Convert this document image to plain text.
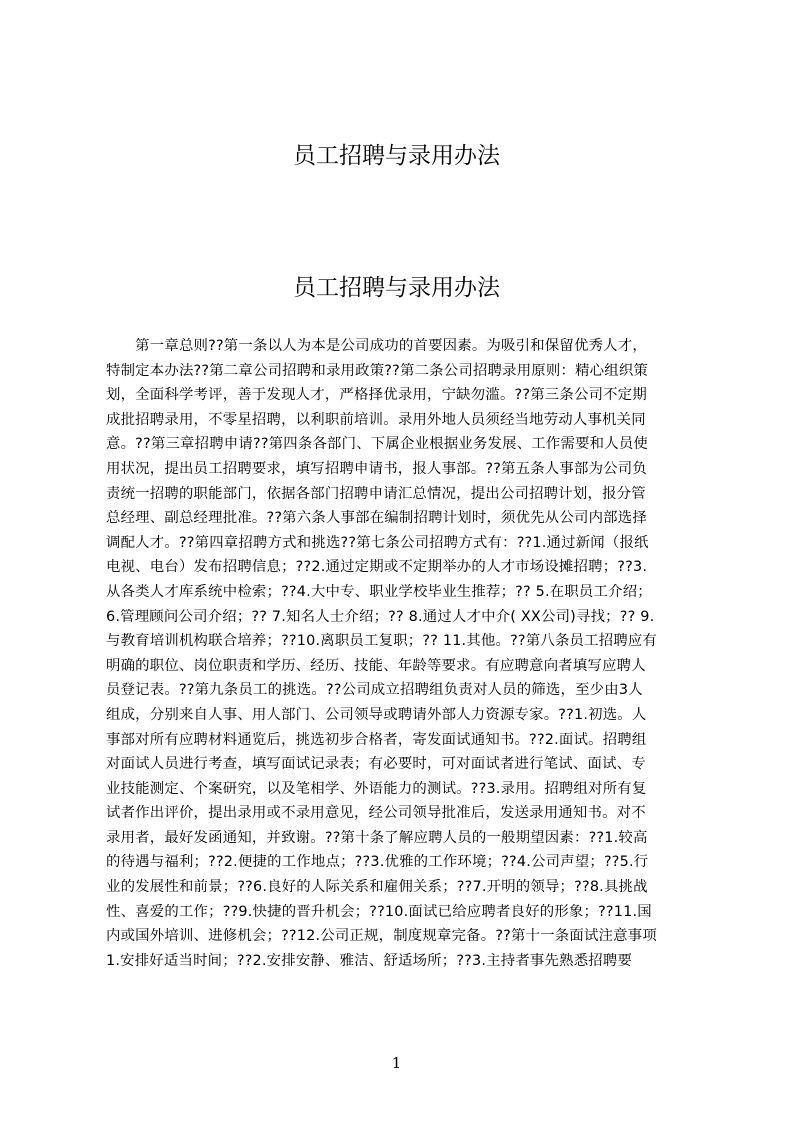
员工招聘与录用办法
员工招聘与录用办法
　　第一章总则??第一条以人为本是公司成功的首要因素。为吸引和保留优秀人才，
特制定本办法??第二章公司招聘和录用政策??第二条公司招聘录用原则：精心组织策
划，全面科学考评，善于发现人才，严格择优录用，宁缺勿滥。??第三条公司不定期
成批招聘录用，不零星招聘，以利职前培训。录用外地人员须经当地劳动人事机关同
意。??第三章招聘申请??第四条各部门、下属企业根据业务发展、工作需要和人员使
用状况，提出员工招聘要求，填写招聘申请书，报人事部。??第五条人事部为公司负
责统一招聘的职能部门，依据各部门招聘申请汇总情况，提出公司招聘计划，报分管
总经理、副总经理批准。??第六条人事部在编制招聘计划时，须优先从公司内部选择
调配人才。??第四章招聘方式和挑选??第七条公司招聘方式有：??1.通过新闻（报纸
电视、电台）发布招聘信息；??2.通过定期或不定期举办的人才市场设摊招聘；??3.
从各类人才库系统中检索；??4.大中专、职业学校毕业生推荐；?? 5.在职员工介绍；
6.管理顾问公司介绍；?? 7.知名人士介绍；?? 8.通过人才中介( XX公司)寻找；?? 9.
与教育培训机构联合培养；??10.离职员工复职；?? 11.其他。??第八条员工招聘应有
明确的职位、岗位职责和学历、经历、技能、年龄等要求。有应聘意向者填写应聘人
员登记表。??第九条员工的挑选。??公司成立招聘组负责对人员的筛选，至少由3人
组成，分别来自人事、用人部门、公司领导或聘请外部人力资源专家。??1.初选。人
事部对所有应聘材料通览后，挑选初步合格者，寄发面试通知书。??2.面试。招聘组
对面试人员进行考查，填写面试记录表；有必要时，可对面试者进行笔试、面试、专
业技能测定、个案研究，以及笔相学、外语能力的测试。??3.录用。招聘组对所有复
试者作出评价，提出录用或不录用意见，经公司领导批准后，发送录用通知书。对不
录用者，最好发函通知，并致谢。??第十条了解应聘人员的一般期望因素：??1.较高
的待遇与福利；??2.便捷的工作地点；??3.优雅的工作环境；??4.公司声望；??5.行
业的发展性和前景；??6.良好的人际关系和雇佣关系；??7.开明的领导；??8.具挑战
性、喜爱的工作；??9.快捷的晋升机会；??10.面试已给应聘者良好的形象；??11.国
内或国外培训、进修机会；??12.公司正规，制度规章完备。??第十一条面试注意事项
1.安排好适当时间；??2.安排安静、雅洁、舒适场所；??3.主持者事先熟悉招聘要
1
